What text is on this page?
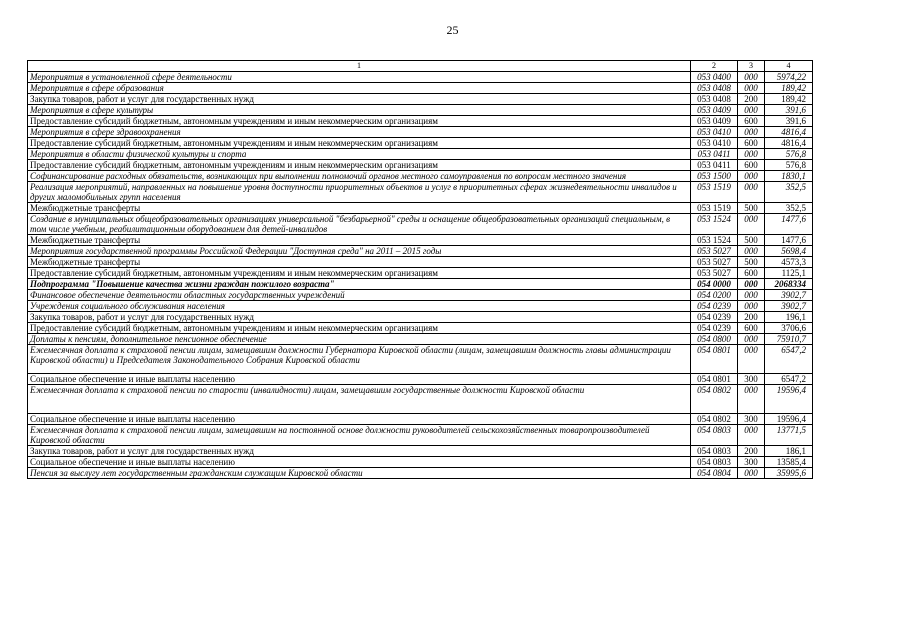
25
1	2	3	4
Мероприятия в установленной сфере деятельности	053 0400	000	5974,22
Мероприятия в сфере образования	053 0408	000	189,42
Закупка товаров, работ и услуг для государственных нужд	053 0408	200	189,42
Мероприятия в сфере культуры	053 0409	000	391,6
Предоставление субсидий бюджетным, автономным учреждениям и иным некоммерческим организациям	053 0409	600	391,6
Мероприятия в сфере здравоохранения	053 0410	000	4816,4
Предоставление субсидий бюджетным, автономным учреждениям и иным некоммерческим организациям	053 0410	600	4816,4
Мероприятия в области физической культуры и спорта	053 0411	000	576,8
Предоставление субсидий бюджетным, автономным учреждениям и иным некоммерческим организациям	053 0411	600	576,8
Софинансирование расходных обязательств, возникающих при выполнении полномочий органов местного самоуправления по вопросам местного значения	053 1500	000	1830,1
Реализация мероприятий, направленных на повышение уровня доступности приоритетных объектов и услуг в приоритетных сферах жизнедеятельности инвалидов и других маломобильных групп населения	053 1519	000	352,5
Межбюджетные трансферты	053 1519	500	352,5
Создание в муниципальных общеобразовательных организациях универсальной "безбарьерной" среды и оснащение общеобразовательных организаций специальным, в том числе учебным, реабилитационным оборудованием для детей-инвалидов	053 1524	000	1477,6
Межбюджетные трансферты	053 1524	500	1477,6
Мероприятия государственной программы Российской Федерации "Доступная среда" на 2011 – 2015 годы	053 5027	000	5698,4
Межбюджетные трансферты	053 5027	500	4573,3
Предоставление субсидий бюджетным, автономным учреждениям и иным некоммерческим организациям	053 5027	600	1125,1
Подпрограмма "Повышение качества жизни граждан пожилого возраста"	054 0000	000	2068334
Финансовое обеспечение деятельности областных государственных учреждений	054 0200	000	3902,7
Учреждения социального обслуживания населения	054 0239	000	3902,7
Закупка товаров, работ и услуг для государственных нужд	054 0239	200	196,1
Предоставление субсидий бюджетным, автономным учреждениям и иным некоммерческим организациям	054 0239	600	3706,6
Доплаты к пенсиям, дополнительное пенсионное обеспечение	054 0800	000	75910,7
Ежемесячная доплата к страховой пенсии лицам, замещавшим должности Губернатора Кировской области (лицам, замещавшим должность главы администрации Кировской области) и Председателя Законодательного Собрания Кировской области	054 0801	000	6547,2
Социальное обеспечение и иные выплаты населению	054 0801	300	6547,2
Ежемесячная доплата к страховой пенсии по старости (инвалидности) лицам, замещавшим государственные должности Кировской области	054 0802	000	19596,4
Социальное обеспечение и иные выплаты населению	054 0802	300	19596,4
Ежемесячная доплата к страховой пенсии лицам, замещавшим на постоянной основе должности руководителей сельскохозяйственных товаропроизводителей Кировской области	054 0803	000	13771,5
Закупка товаров, работ и услуг для государственных нужд	054 0803	200	186,1
Социальное обеспечение и иные выплаты населению	054 0803	300	13585,4
Пенсия за выслугу лет государственным гражданским служащим Кировской области	054 0804	000	35995,6
